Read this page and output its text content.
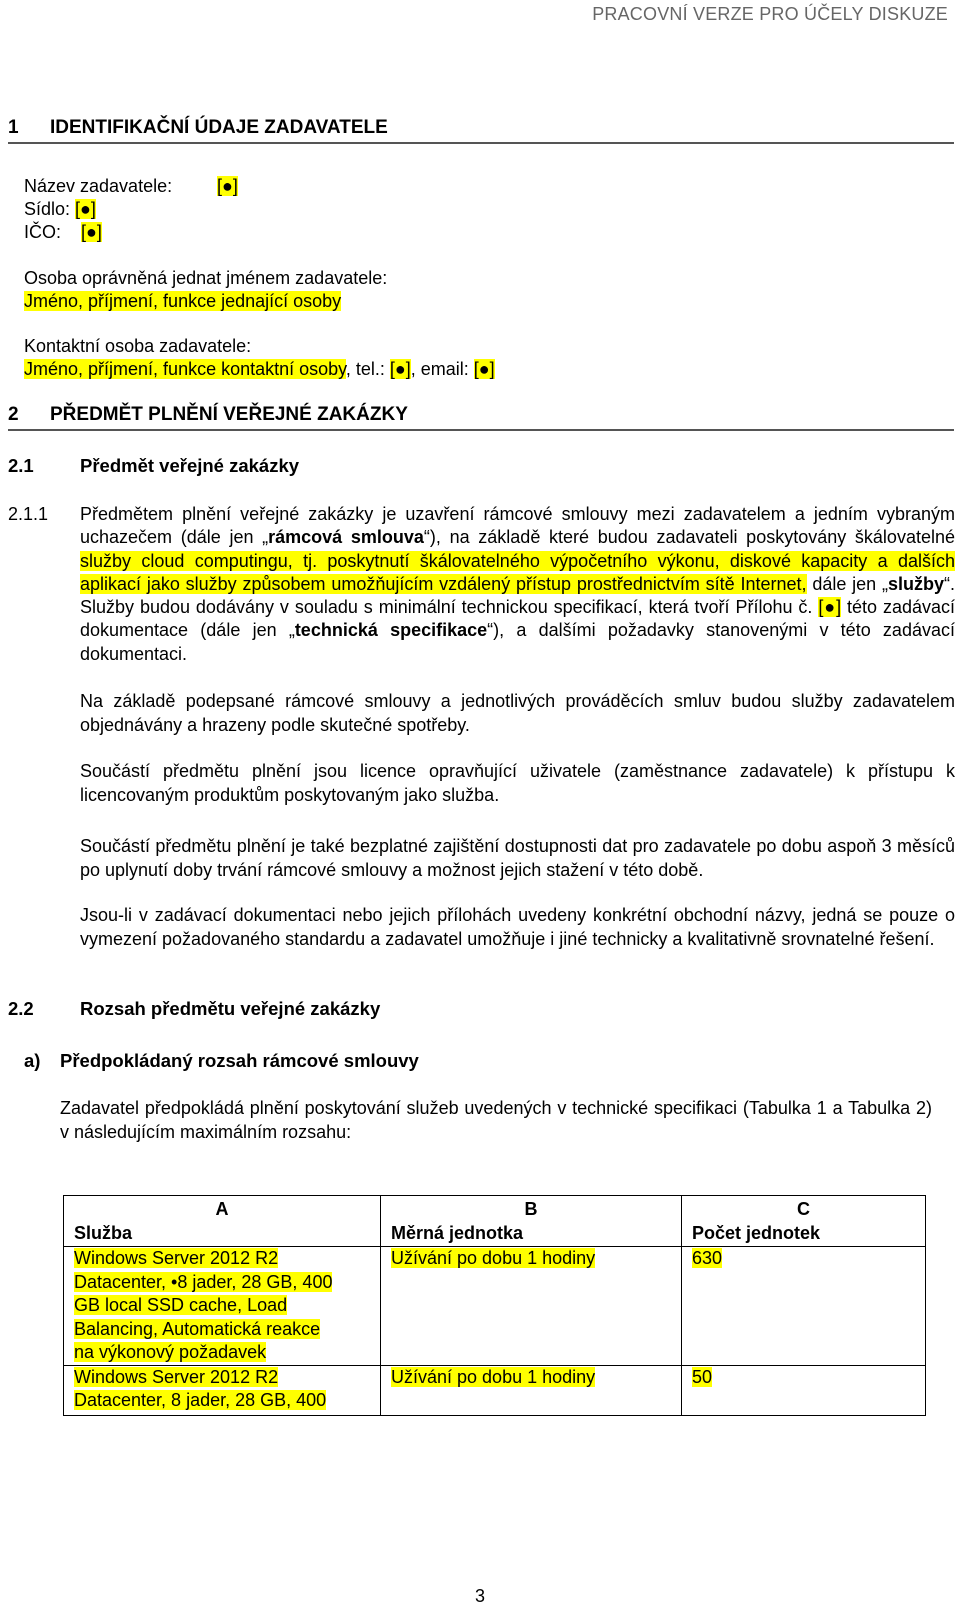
PRACOVNÍ VERZE PRO ÚČELY DISKUZE
1 IDENTIFIKAČNÍ ÚDAJE ZADAVATELE
Název zadavatele: [●]
Sídlo: [●]
IČO: [●]
Osoba oprávněná jednat jménem zadavatele:
Jméno, příjmení, funkce jednající osoby
Kontaktní osoba zadavatele:
Jméno, příjmení, funkce kontaktní osoby, tel.: [●], email: [●]
2 PŘEDMĚT PLNĚNÍ VEŘEJNÉ ZAKÁZKY
2.1	Předmět veřejné zakázky
2.1.1 Předmětem plnění veřejné zakázky je uzavření rámcové smlouvy mezi zadavatelem a jedním vybraným uchazečem (dále jen „rámcová smlouva“), na základě které budou zadavateli poskytovány škálovatelné služby cloud computingu, tj. poskytnutí škálovatelného výpočetního výkonu, diskové kapacity a dalších aplikací jako služby způsobem umožňujícím vzdálený přístup prostřednictvím sítě Internet, dále jen „služby“. Služby budou dodávány v souladu s minimální technickou specifikací, která tvoří Přílohu č. [●] této zadávací dokumentace (dále jen „technická specifikace“), a dalšími požadavky stanovenými v této zadávací dokumentaci.
Na základě podepsané rámcové smlouvy a jednotlivých prováděcích smluv budou služby zadavatelem objednávány a hrazeny podle skutečné spotřeby.
Součástí předmětu plnění jsou licence opravňující uživatele (zaměstnance zadavatele) k přístupu k licencovaným produktům poskytovaným jako služba.
Součástí předmětu plnění je také bezplatné zajištění dostupnosti dat pro zadavatele po dobu aspoň 3 měsíců po uplynutí doby trvání rámcové smlouvy a možnost jejich stažení v této době.
Jsou-li v zadávací dokumentaci nebo jejich přílohách uvedeny konkrétní obchodní názvy, jedná se pouze o vymezení požadovaného standardu a zadavatel umožňuje i jiné technicky a kvalitativně srovnatelné řešení.
2.2	Rozsah předmětu veřejné zakázky
a) Předpokládaný rozsah rámcové smlouvy
Zadavatel předpokládá plnění poskytování služeb uvedených v technické specifikaci (Tabulka 1 a Tabulka 2) v následujícím maximálním rozsahu:
A	B	C
Služba	Měrná jednotka	Počet jednotek
Windows Server 2012 R2
Datacenter, •8 jader, 28 GB, 400
GB local SSD cache, Load
Balancing, Automatická reakce
na výkonový požadavek	Užívání po dobu 1 hodiny	630
Windows Server 2012 R2
Datacenter, 8 jader, 28 GB, 400	Užívání po dobu 1 hodiny	50
3
